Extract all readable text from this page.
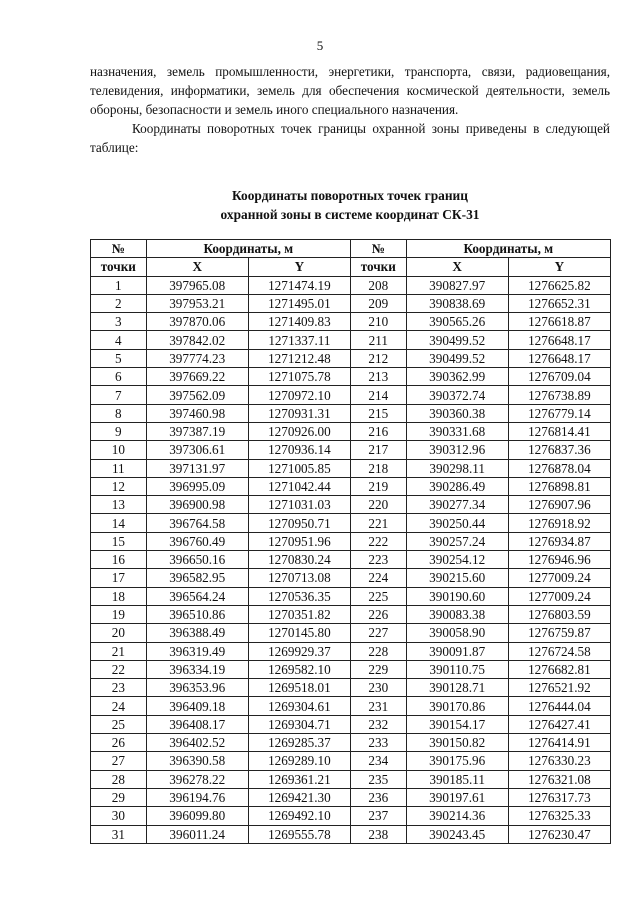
5

назначения, земель промышленности, энергетики, транспорта, связи, радиовещания, телевидения, информатики, земель для обеспечения космической деятельности, земель обороны, безопасности и земель иного специального назначения.

Координаты поворотных точек границы охранной зоны приведены в следующей таблице:

Координаты поворотных точек границ
охранной зоны в системе координат СК-31
№	Координаты, м		№	Координаты, м	
точки	X	Y	точки	X	Y
1	397965.08	1271474.19	208	390827.97	1276625.82
2	397953.21	1271495.01	209	390838.69	1276652.31
3	397870.06	1271409.83	210	390565.26	1276618.87
4	397842.02	1271337.11	211	390499.52	1276648.17
5	397774.23	1271212.48	212	390499.52	1276648.17
6	397669.22	1271075.78	213	390362.99	1276709.04
7	397562.09	1270972.10	214	390372.74	1276738.89
8	397460.98	1270931.31	215	390360.38	1276779.14
9	397387.19	1270926.00	216	390331.68	1276814.41
10	397306.61	1270936.14	217	390312.96	1276837.36
11	397131.97	1271005.85	218	390298.11	1276878.04
12	396995.09	1271042.44	219	390286.49	1276898.81
13	396900.98	1271031.03	220	390277.34	1276907.96
14	396764.58	1270950.71	221	390250.44	1276918.92
15	396760.49	1270951.96	222	390257.24	1276934.87
16	396650.16	1270830.24	223	390254.12	1276946.96
17	396582.95	1270713.08	224	390215.60	1277009.24
18	396564.24	1270536.35	225	390190.60	1277009.24
19	396510.86	1270351.82	226	390083.38	1276803.59
20	396388.49	1270145.80	227	390058.90	1276759.87
21	396319.49	1269929.37	228	390091.87	1276724.58
22	396334.19	1269582.10	229	390110.75	1276682.81
23	396353.96	1269518.01	230	390128.71	1276521.92
24	396409.18	1269304.61	231	390170.86	1276444.04
25	396408.17	1269304.71	232	390154.17	1276427.41
26	396402.52	1269285.37	233	390150.82	1276414.91
27	396390.58	1269289.10	234	390175.96	1276330.23
28	396278.22	1269361.21	235	390185.11	1276321.08
29	396194.76	1269421.30	236	390197.61	1276317.73
30	396099.80	1269492.10	237	390214.36	1276325.33
31	396011.24	1269555.78	238	390243.45	1276230.47
